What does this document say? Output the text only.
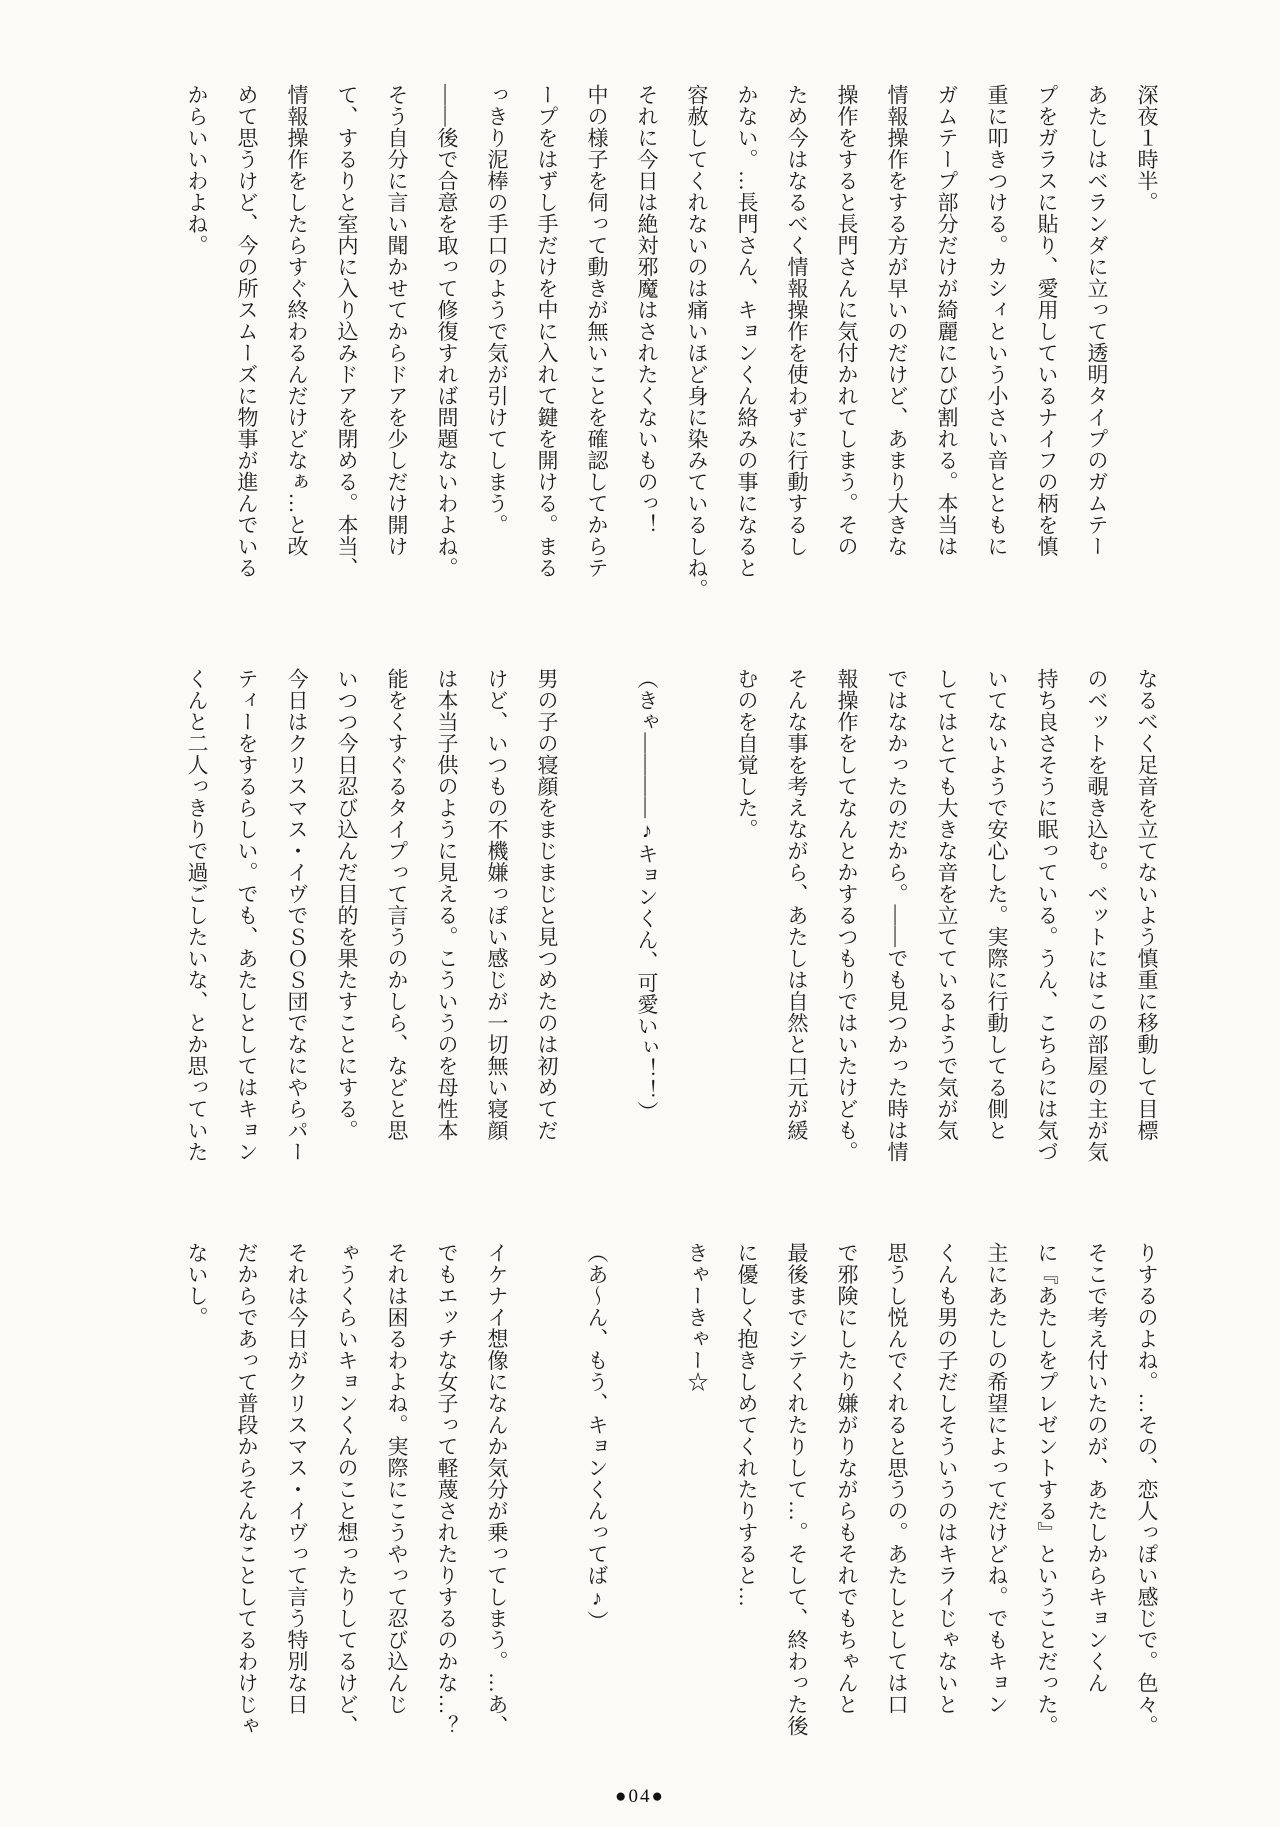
深夜１時半。
あたしはベランダに立って透明タイプのガムテー
プをガラスに貼り、愛用しているナイフの柄を慎
重に叩きつける。カシィという小さい音とともに
ガムテープ部分だけが綺麗にひび割れる。本当は
情報操作をする方が早いのだけど、あまり大きな
操作をすると長門さんに気付かれてしまう。その
ため今はなるべく情報操作を使わずに行動するし
かない。…長門さん、キョンくん絡みの事になると
容赦してくれないのは痛いほど身に染みているしね。
それに今日は絶対邪魔はされたくないものっ！
中の様子を伺って動きが無いことを確認してからテ
ープをはずし手だけを中に入れて鍵を開ける。まる
っきり泥棒の手口のようで気が引けてしまう。
――後で合意を取って修復すれば問題ないわよね。
そう自分に言い聞かせてからドアを少しだけ開け
て、するりと室内に入り込みドアを閉める。本当、
情報操作をしたらすぐ終わるんだけどなぁ…と改
めて思うけど、今の所スムーズに物事が進んでいる
からいいわよね。
なるべく足音を立てないよう慎重に移動して目標
のベットを覗き込む。ベットにはこの部屋の主が気
持ち良さそうに眠っている。うん、こちらには気づ
いてないようで安心した。実際に行動してる側と
してはとても大きな音を立てているようで気が気
ではなかったのだから。――でも見つかった時は情
報操作をしてなんとかするつもりではいたけども。
そんな事を考えながら、あたしは自然と口元が緩
むのを自覚した。
（きゃ――――♪キョンくん、可愛いぃ！！）
男の子の寝顔をまじまじと見つめたのは初めてだ
けど、いつもの不機嫌っぽい感じが一切無い寝顔
は本当子供のように見える。こういうのを母性本
能をくすぐるタイプって言うのかしら、などと思
いつつ今日忍び込んだ目的を果たすことにする。
今日はクリスマス・イヴでＳＯＳ団でなにやらパー
ティーをするらしい。でも、あたしとしてはキョン
くんと二人っきりで過ごしたいな、とか思っていた
りするのよね。…その、恋人っぽい感じで。色々。
そこで考え付いたのが、あたしからキョンくん
に『あたしをプレゼントする』ということだった。
主にあたしの希望によってだけどね。でもキョン
くんも男の子だしそういうのはキライじゃないと
思うし悦んでくれると思うの。あたしとしては口
で邪険にしたり嫌がりながらもそれでもちゃんと
最後までシテくれたりして…。そして、終わった後
に優しく抱きしめてくれたりすると…
きゃーきゃー☆
（あ〜ん、もう、キョンくんってば♪）
イケナイ想像になんか気分が乗ってしまう。…あ、
でもエッチな女子って軽蔑されたりするのかな…？
それは困るわよね。実際にこうやって忍び込んじ
ゃうくらいキョンくんのこと想ったりしてるけど、
それは今日がクリスマス・イヴって言う特別な日
だからであって普段からそんなことしてるわけじゃ
ないし。
●04●
